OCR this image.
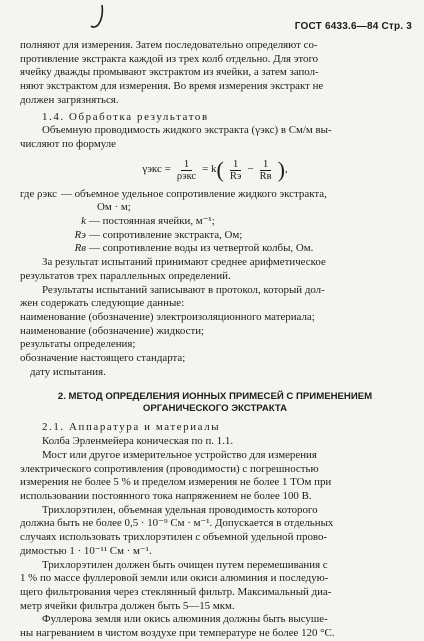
ГОСТ 6433.6—84 Стр. 3

полняют для измерения. Затем последовательно определяют со-

противление экстракта каждой из трех колб отдельно. Для этого

ячейку дважды промывают экстрактом из ячейки, а затем запол-

няют экстрактом для измерения. Во время измерения экстракт не

должен загрязняться.

1.4. Обработка результатов

Объемную проводимость жидкого экстракта (γэкс) в См/м вы-

числяют по формуле

$\gamma экс = \frac{1}{\text{ρэкс}} = k$ ( $\frac{1}{Rэ} - \frac{1}{Rв}$ ) ,
где ρэкс — объемное удельное сопротивление жидкого экстракта,
Ом · м;
k — постоянная ячейки, м⁻¹;
Rэ — сопротивление экстракта, Ом;
Rв — сопротивление воды из четвертой колбы, Ом.

За результат испытаний принимают среднее арифметическое

результатов трех параллельных определений.

Результаты испытаний записывают в протокол, который дол-

жен содержать следующие данные:

наименование (обозначение) электроизоляционного материала;

наименование (обозначение) жидкости;

результаты определения;

обозначение настоящего стандарта;

дату испытания.

2. МЕТОД ОПРЕДЕЛЕНИЯ ИОННЫХ ПРИМЕСЕЙ С ПРИМЕНЕНИЕМ
ОРГАНИЧЕСКОГО ЭКСТРАКТА

2.1. Аппаратура и материалы

Колба Эрленмейера коническая по п. 1.1.

Мост или другое измерительное устройство для измерения

электрического сопротивления (проводимости) с погрешностью

измерения не более 5 % и пределом измерения не более 1 ТОм при

использовании постоянного тока напряжением не более 100 В.

Трихлорэтилен, объемная удельная проводимость которого

должна быть не более 0,5 · 10⁻⁹ См · м⁻¹. Допускается в отдельных

случаях использовать трихлорэтилен с объемной удельной прово-

димостью 1 · 10⁻¹¹ См · м⁻¹.

Трихлорэтилен должен быть очищен путем перемешивания с

1 % по массе фуллеровой земли или окиси алюминия и последую-

щего фильтрования через стеклянный фильтр. Максимальный диа-

метр ячейки фильтра должен быть 5—15 мкм.

Фуллерова земля или окись алюминия должны быть высуше-

ны нагреванием в чистом воздухе при температуре не более 120 °С.
